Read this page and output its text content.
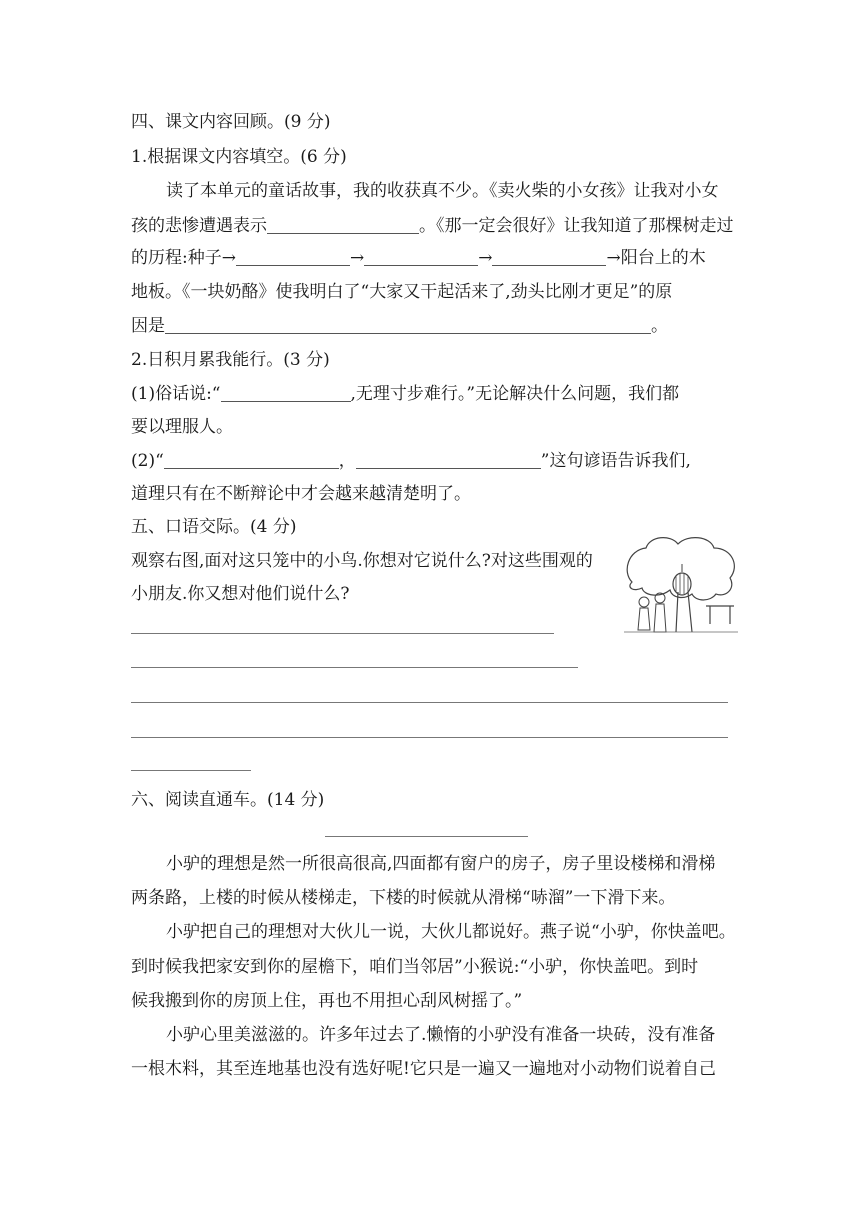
四、课文内容回顾。(9 分)
1.根据课文内容填空。(6 分)
读了本单元的童话故事，我的收获真不少。《卖火柴的小女孩》让我对小女
孩的悲惨遭遇表示	。《那一定会很好》让我知道了那棵树走过
的历程:种子→	→	→	→阳台上的木
地板。《一块奶酪》使我明白了“大家又干起活来了,劲头比刚才更足”的原
因是	。
2.日积月累我能行。(3 分)
(1)俗话说:“	,无理寸步难行。”无论解决什么问题，我们都
要以理服人。
(2)“	，	”这句谚语告诉我们,
道理只有在不断辩论中才会越来越清楚明了。
五、口语交际。(4 分)
观察右图,面对这只笼中的小鸟.你想对它说什么?对这些围观的
小朋友.你又想对他们说什么?
六、阅读直通车。(14 分)
小驴的理想是然一所很高很高,四面都有窗户的房子，房子里设楼梯和滑梯
两条路，上楼的时候从楼梯走，下楼的时候就从滑梯“哧溜”一下滑下来。
小驴把自己的理想对大伙儿一说，大伙儿都说好。燕子说“小驴，你快盖吧。
到时候我把家安到你的屋檐下，咱们当邻居”小猴说:“小驴，你快盖吧。到时
候我搬到你的房顶上住，再也不用担心刮风树摇了。”
小驴心里美滋滋的。许多年过去了.懒惰的小驴没有准备一块砖，没有准备
一根木料，其至连地基也没有选好呢!它只是一遍又一遍地对小动物们说着自己
